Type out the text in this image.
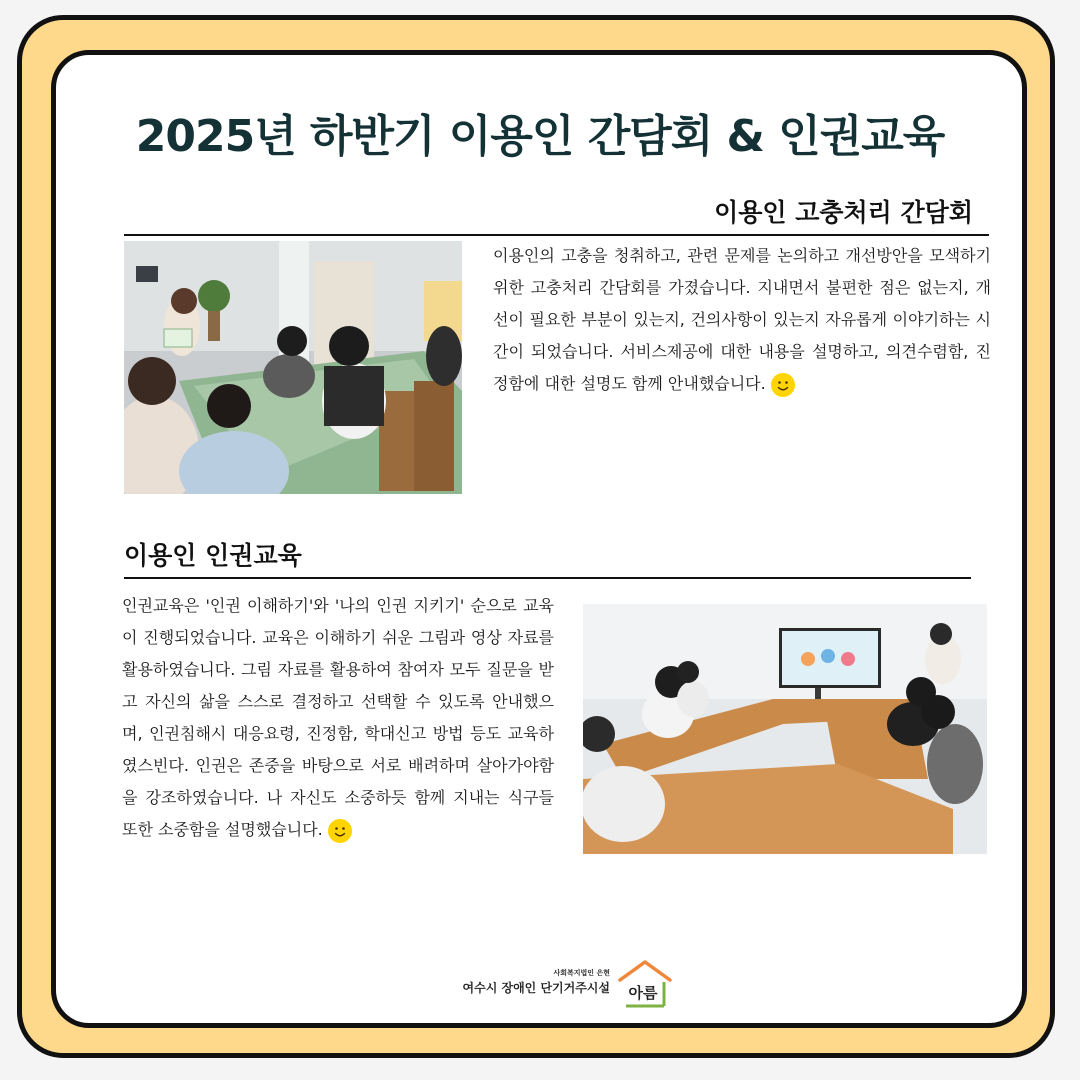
2025년 하반기 이용인 간담회 & 인권교육
이용인 고충처리 간담회

이용인의 고충을 청취하고, 관련 문제를 논의하고 개선방안을 모색하기 위한 고충처리 간담회를 가졌습니다. 지내면서 불편한 점은 없는지, 개선이 필요한 부분이 있는지, 건의사항이 있는지 자유롭게 이야기하는 시간이 되었습니다. 서비스제공에 대한 내용을 설명하고, 의견수렴함, 진정함에 대한 설명도 함께 안내했습니다.

이용인 인권교육

인권교육은 '인권 이해하기'와 '나의 인권 지키기' 순으로 교육이 진행되었습니다. 교육은 이해하기 쉬운 그림과 영상 자료를 활용하였습니다. 그림 자료를 활용하여 참여자 모두 질문을 받고 자신의 삶을 스스로 결정하고 선택할 수 있도록 안내했으며, 인권침해시 대응요령, 진정함, 학대신고 방법 등도 교육하였스빈다. 인권은 존중을 바탕으로 서로 배려하며 살아가야함을 강조하였습니다. 나 자신도 소중하듯 함께 지내는 식구들 또한 소중함을 설명했습니다.

사회복지법인 은현
여수시 장애인 단기거주시설 아름
